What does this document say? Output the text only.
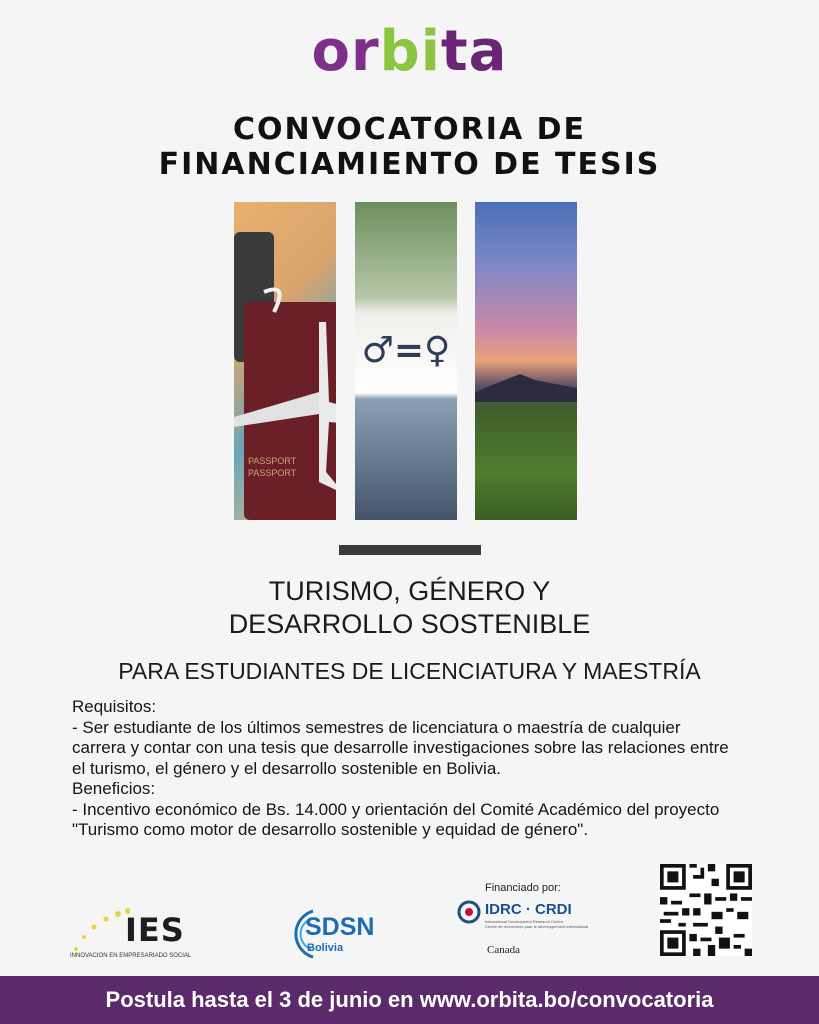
orbita
CONVOCATORIA DE
FINANCIAMIENTO DE TESIS
PASSPORT
PASSPORT
♂=♀
TURISMO, GÉNERO Y
DESARROLLO SOSTENIBLE
PARA ESTUDIANTES DE LICENCIATURA Y MAESTRÍA
Requisitos:
- Ser estudiante de los últimos semestres de licenciatura o maestría de cualquier
carrera y contar con una tesis que desarrolle investigaciones sobre las relaciones entre
el turismo, el género y el desarrollo sostenible en Bolivia.
Beneficios:
- Incentivo económico de Bs. 14.000 y orientación del Comité Académico del proyecto
"Turismo como motor de desarrollo sostenible y equidad de género".
IES
INNOVACION EN EMPRESARIADO SOCIAL
SDSN
Bolivia
Financiado por:
IDRC · CRDI
International Development Research Centre
Centre de recherches pour le développement international
Canada
Postula hasta el 3 de junio en www.orbita.bo/convocatoria
